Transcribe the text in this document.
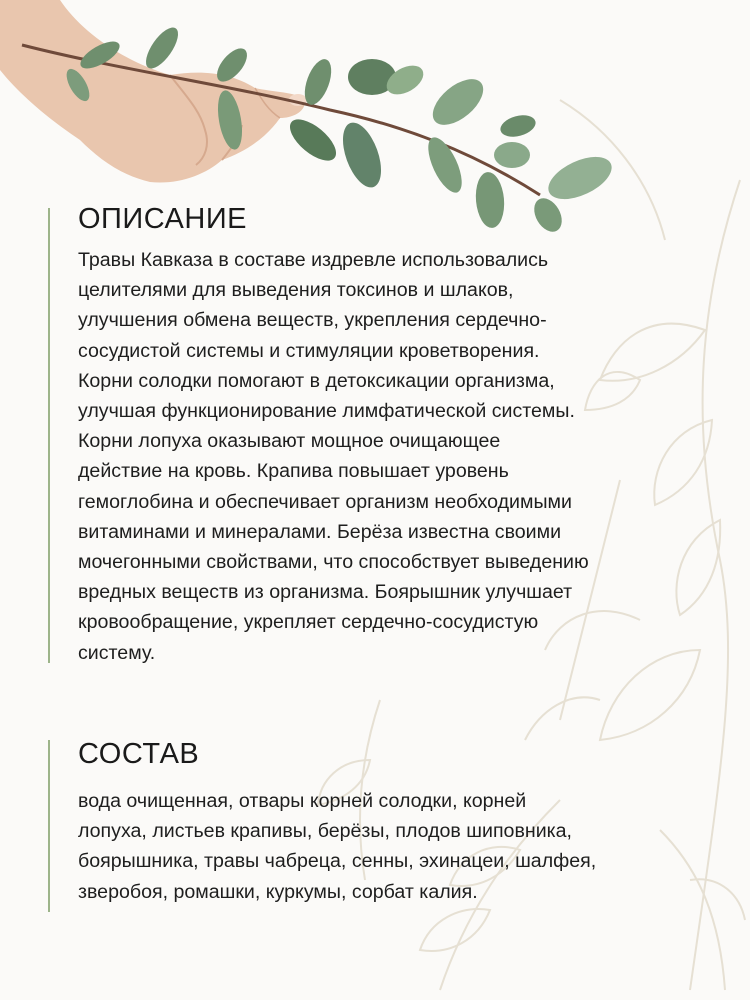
ОПИСАНИЕ

Травы Кавказа в составе издревле использовались
целителями для выведения токсинов и шлаков,
улучшения обмена веществ, укрепления сердечно-
сосудистой системы и стимуляции кроветворения.
Корни солодки помогают в детоксикации организма,
улучшая функционирование лимфатической системы.
Корни лопуха оказывают мощное очищающее
действие на кровь. Крапива повышает уровень
гемоглобина и обеспечивает организм необходимыми
витаминами и минералами. Берёза известна своими
мочегонными свойствами, что способствует выведению
вредных веществ из организма. Боярышник улучшает
кровообращение, укрепляет сердечно-сосудистую
систему.

СОСТАВ

вода очищенная, отвары корней солодки, корней
лопуха, листьев крапивы, берёзы, плодов шиповника,
боярышника, травы чабреца, сенны, эхинацеи, шалфея,
зверобоя, ромашки, куркумы, сорбат калия.
